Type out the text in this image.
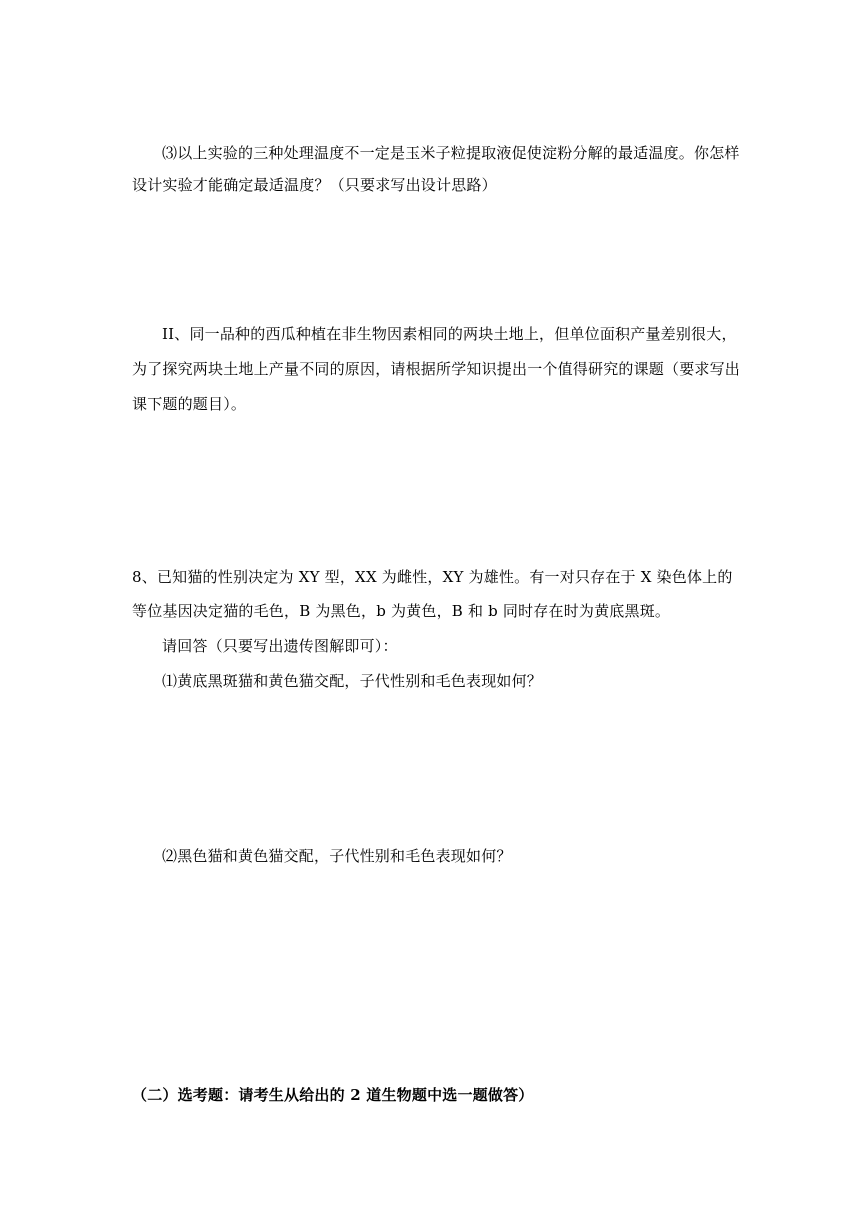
⑶以上实验的三种处理温度不一定是玉米子粒提取液促使淀粉分解的最适温度。你怎样
设计实验才能确定最适温度？（只要求写出设计思路）
II、同一品种的西瓜种植在非生物因素相同的两块土地上，但单位面积产量差别很大，
为了探究两块土地上产量不同的原因，请根据所学知识提出一个值得研究的课题（要求写出
课下题的题目）。
8、已知猫的性别决定为 XY 型，XX 为雌性，XY 为雄性。有一对只存在于 X 染色体上的
等位基因决定猫的毛色，B 为黑色，b 为黄色，B 和 b 同时存在时为黄底黑斑。
请回答（只要写出遗传图解即可）：
⑴黄底黑斑猫和黄色猫交配，子代性别和毛色表现如何？
⑵黑色猫和黄色猫交配，子代性别和毛色表现如何？
（二）选考题：请考生从给出的 2 道生物题中选一题做答）
